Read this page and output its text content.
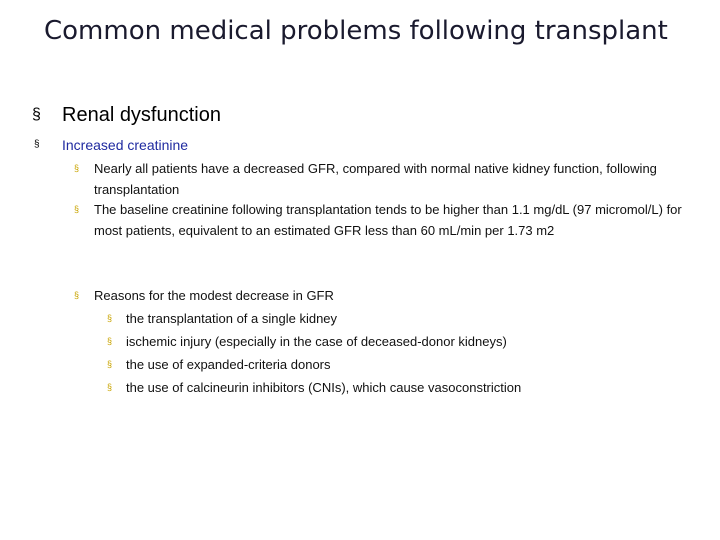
Common medical problems following transplant
§	Renal dysfunction
§	Increased creatinine
§	Nearly all patients have a decreased GFR, compared with normal native kidney function, following transplantation
§	The baseline creatinine following transplantation tends to be higher than 1.1 mg/dL (97 micromol/L) for most patients, equivalent to an estimated GFR less than 60 mL/min per 1.73 m2
§	Reasons for the modest decrease in GFR
§	the transplantation of a single kidney
§	ischemic injury (especially in the case of deceased-donor kidneys)
§	the use of expanded-criteria donors
§	the use of calcineurin inhibitors (CNIs), which cause vasoconstriction
